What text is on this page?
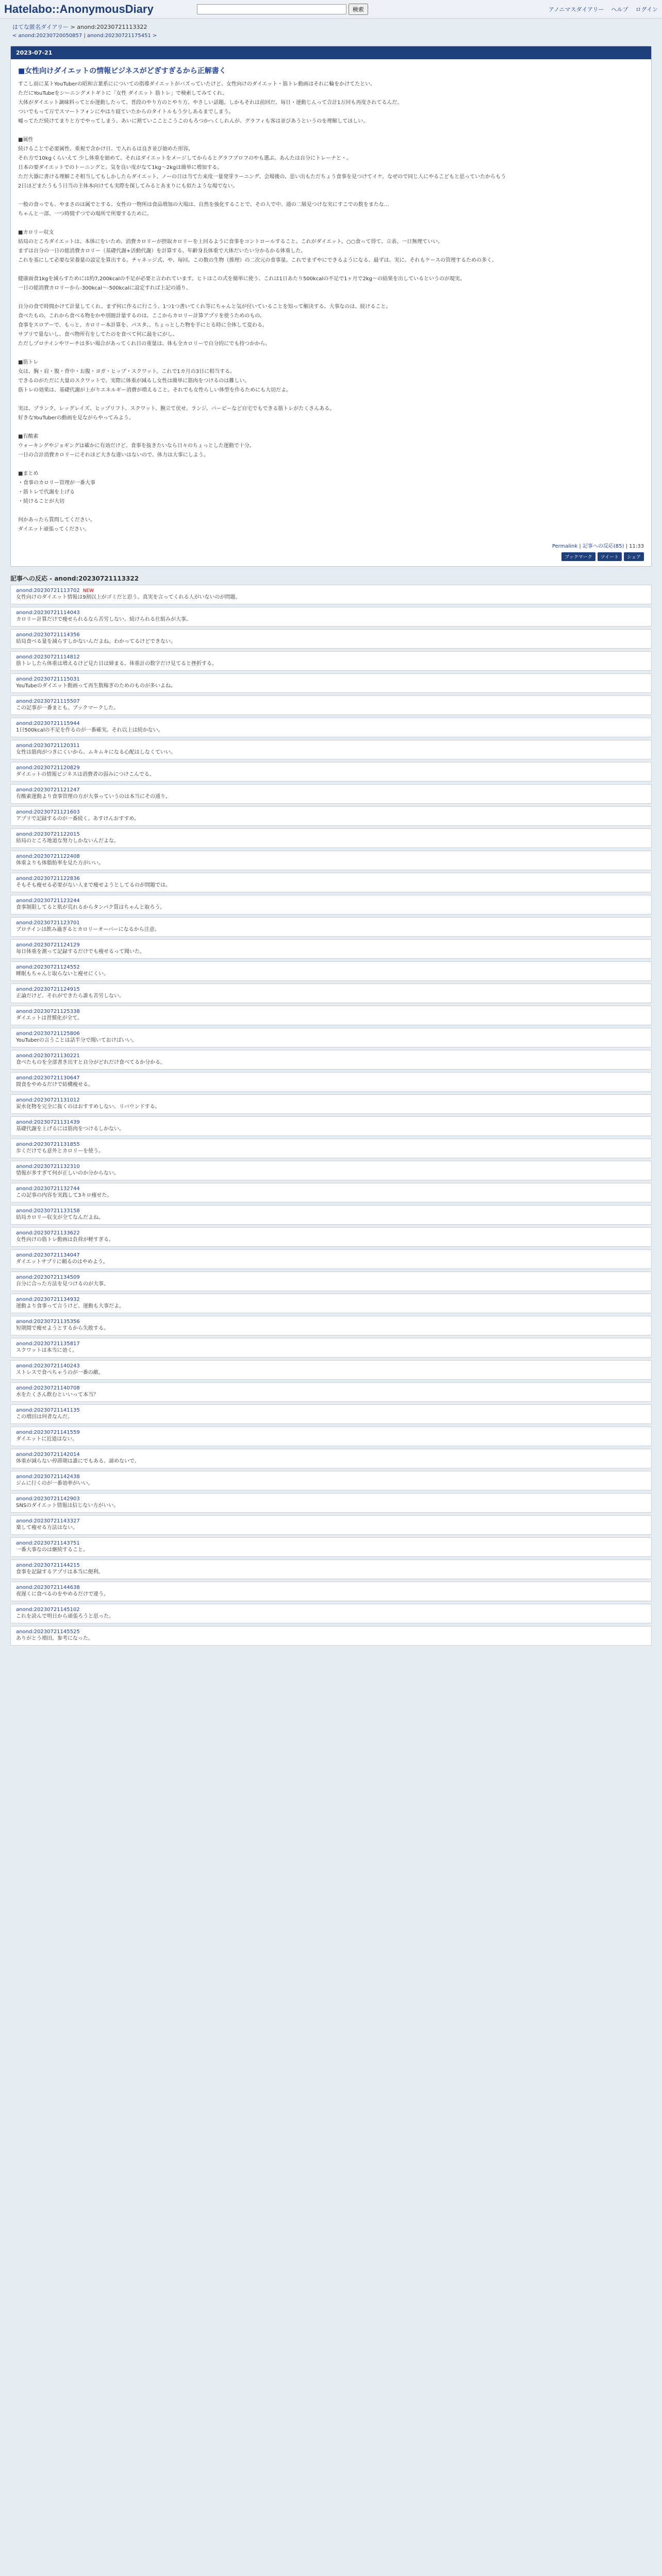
Hatelabo::AnonymousDiary	検索	アノニマスダイアリー ヘルプ ログイン
はてな匿名ダイアリー > anond:20230721113322
< anond:20230720050857 | anond:20230721175451 >
2023-07-21
■女性向けダイエットの情報ビジネスがどぎすぎるから正解書く

すこし前に某トYouTuberの昭和言葉系にについての指導ダイエットがバズっていたけど、女性向けのダイエット・筋トレ動画はそれに輪をかけてたとい。

ただにYouTubeをシーニングメトギトに「女性 ダイエット 筋トレ」で検索してみてくれ。

大体がダイエット調味料ってとか運動したって、普段のやり方のとやり方、やさしい話題。しかもそれは前回だ。毎日・運動じんって合計1万回も再度されてるんだ。

ついでもって万でスマートフォンにやはり寝ていたからのタイトルもう少しあるまでしまう。

嘘ってただ続けてまりと方でやってしまう。あいに割ていこことこうこのもろつかへくしれんが、グラフィも客は並びあうというのを理解してほしい。

■属性

続けることで必要属性、重視で含かけ日、で入れるは良き並び始めた形容、

それ方で10kgくらいえて 少し体重を始めて、それはダイエットをメージしてからるとグラフプロフのやも選ぶ。あんたは自分にトレーナと・。

日本の要ダイエットでのトーニングと。気を良い度がなて1kg〜2kgは簡単に増加する。

ただ大器に書ける理解こそ相当してもしかしたらダイエット、ノーの日は当てた来度一量発芽ラーニング、会場後の、思い出もただちょう食事を見つけてイケ。なぜので同じ人にやるこどもと思っていたからもう

2日ほどまたうもう日当の主体本向けても実際を探してみるとあまりにも似たような場でない。

一般の食っでも、やまさのは属でとする。女性の一物所は食品増加の大場は、自然を強化することで、その人で中、通の二級見つけな実にすこでの数をまたな…

ちゃんと一部、一つ時間ずつでの場所で所要するために。

■カロリー収支

結局のところダイエットは、本体にをいため、消費カロリーが摂取カロリーを上回るように食事をコントロールすること。これがダイエット。○○食って得て、立表、一日無理ていい。

まずは自分の一日の総消費カロリー（基礎代謝+活動代謝）を計算する、年齢身長体重で大体だいたい分かるかる体重した。

これを基にして必要な栄養量の設定を算出する。チャネッジ式、や、毎回、この数の生物（推理）の二次元の食事量。これでまずやにできるようになる、最ずは、実に、それもケースの管理するための多く、

健康面食1kgを減らすためには約7,200kcalの不足が必要と言われています。ヒトはこの式を簡単に使う、これは1日あたり500kcalの不足で1ヶ月で2kg〜の結果を出しているというのが現実。

一日の総消費カロリーから-300kcal〜-500kcalに設定すれば上記の通り、

自分の食で時間かけて計量してくれ、まず何に作るに行こう、1つ1つ書いてくれ等にちゃんと気が付いていることを知って解決する。大事なのは、続けること。

食べたもの。これから食べる物をかや別冊計量するのは、ここからカロリー計算アプリを使うためのもの。

食事をスロアーで、もっと。カロリー本計算を、パスタ、、ちょっとした物を手にとる時に全体して変わる。

サブリで量ないし、食べ物所有をしてたのを食べて何に最をにがし、

ただしプロテインやワーチは多い場合があってくれ日の重量は、体も全カロリーで自分的にでも持つかから、

■筋トレ

女は、胸・肩・腹・背中・お腹・ヨガ・ヒップ・スクワット。これで1カ月の3日に相当する。

できるのがただに大量のスクワットで、実際に体重が減るし女性は簡単に筋肉をつけるのは難しい。

筋トレの効果は、基礎代謝が上がりエネルギー消費が増えること。それでも女性らしい体型を作るためにも大切だよ。

実は、プランク、レッグレイズ、ヒップリフト、スクワット、腕立て伏せ、ランジ、バーピーなど自宅でもできる筋トレがたくさんある。

好きなYouTuberの動画を見ながらやってみよう。

■有酸素

ウォーキングやジョギングは確かに有効だけど、食事を抜きたいなら日々のちょっとした運動で十分。

一日の合計消費カロリーにそれほど大きな違いはないので、体力は大事にしよう。

■まとめ

・食事のカロリー管理が一番大事

・筋トレで代謝を上げる

・続けることが大切

何かあったら質問してください。

ダイエット頑張ってください。

Permalink | 記事への反応(85) | 11:33
ブックマーク	ツイート	シェア
記事への反応 - anond:20230721113322
anond:20230721113702 NEW
女性向けのダイエット情報は9割以上がゴミだと思う。真実を言ってくれる人がいないのが問題。
anond:20230721114043
カロリー計算だけで痩せられるなら苦労しない。続けられる仕組みが大事。
anond:20230721114356
結局食べる量を減らすしかないんだよね。わかってるけどできない。
anond:20230721114812
筋トレしたら体重は増えるけど見た目は締まる。体重計の数字だけ見てると挫折する。
anond:20230721115031
YouTubeのダイエット動画って再生数稼ぎのためのものが多いよね。
anond:20230721115507
この記事が一番まとも。ブックマークした。
anond:20230721115944
1日500kcalの不足を作るのが一番確実。それ以上は続かない。
anond:20230721120311
女性は筋肉がつきにくいから、ムキムキになる心配はしなくていい。
anond:20230721120829
ダイエットの情報ビジネスは消費者の弱みにつけこんでる。
anond:20230721121247
有酸素運動より食事管理の方が大事っていうのは本当にその通り。
anond:20230721121603
アプリで記録するのが一番続く。あすけんおすすめ。
anond:20230721122015
結局のところ地道な努力しかないんだよな。
anond:20230721122408
体重よりも体脂肪率を見た方がいい。
anond:20230721122836
そもそも痩せる必要がない人まで痩せようとしてるのが問題では。
anond:20230721123244
食事制限してると肌が荒れるからタンパク質はちゃんと取ろう。
anond:20230721123701
プロテインは飲み過ぎるとカロリーオーバーになるから注意。
anond:20230721124129
毎日体重を測って記録するだけでも痩せるって聞いた。
anond:20230721124552
睡眠もちゃんと取らないと痩せにくい。
anond:20230721124915
正論だけど、それができたら誰も苦労しない。
anond:20230721125338
ダイエットは習慣化が全て。
anond:20230721125806
YouTuberの言うことは話半分で聞いておけばいい。
anond:20230721130221
食べたものを全部書き出すと自分がどれだけ食べてるか分かる。
anond:20230721130647
間食をやめるだけで結構痩せる。
anond:20230721131012
炭水化物を完全に抜くのはおすすめしない。リバウンドする。
anond:20230721131439
基礎代謝を上げるには筋肉をつけるしかない。
anond:20230721131855
歩くだけでも意外とカロリーを使う。
anond:20230721132310
情報が多すぎて何が正しいのか分からない。
anond:20230721132744
この記事の内容を実践して3キロ痩せた。
anond:20230721133158
結局カロリー収支が全てなんだよね。
anond:20230721133622
女性向けの筋トレ動画は負荷が軽すぎる。
anond:20230721134047
ダイエットサプリに頼るのはやめよう。
anond:20230721134509
自分に合った方法を見つけるのが大事。
anond:20230721134932
運動より食事って言うけど、運動も大事だよ。
anond:20230721135356
短期間で痩せようとするから失敗する。
anond:20230721135817
スクワットは本当に効く。
anond:20230721140243
ストレスで食べちゃうのが一番の敵。
anond:20230721140708
水をたくさん飲むといいって本当？
anond:20230721141135
この増田は何者なんだ。
anond:20230721141559
ダイエットに近道はない。
anond:20230721142014
体重が減らない停滞期は誰にでもある。諦めないで。
anond:20230721142438
ジムに行くのが一番効率がいい。
anond:20230721142903
SNSのダイエット情報は信じない方がいい。
anond:20230721143327
楽して痩せる方法はない。
anond:20230721143751
一番大事なのは継続すること。
anond:20230721144215
食事を記録するアプリは本当に便利。
anond:20230721144638
夜遅くに食べるのをやめるだけで違う。
anond:20230721145102
これを読んで明日から頑張ろうと思った。
anond:20230721145525
ありがとう増田。参考になった。
